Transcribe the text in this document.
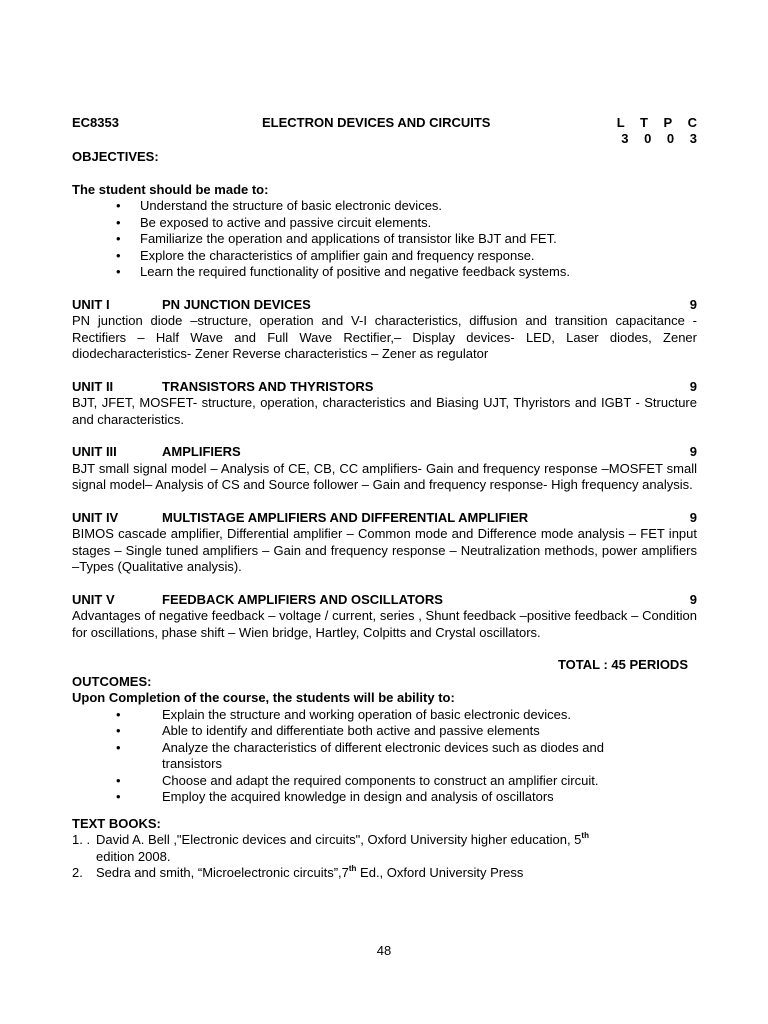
EC8353	ELECTRON DEVICES AND CIRCUITS	L T P C
3 0 0 3
OBJECTIVES:
The student should be made to:
• Understand the structure of basic electronic devices.
• Be exposed to active and passive circuit elements.
• Familiarize the operation and applications of transistor like BJT and FET.
• Explore the characteristics of amplifier gain and frequency response.
• Learn the required functionality of positive and negative feedback systems.
UNIT I	PN JUNCTION DEVICES	9
PN junction diode –structure, operation and V-I characteristics, diffusion and transition capacitance - Rectifiers – Half Wave and Full Wave Rectifier,– Display devices- LED, Laser diodes, Zener diodecharacteristics- Zener Reverse characteristics – Zener as regulator
UNIT II	TRANSISTORS AND THYRISTORS	9
BJT, JFET, MOSFET- structure, operation, characteristics and Biasing UJT, Thyristors and IGBT - Structure and characteristics.
UNIT III	AMPLIFIERS	9
BJT small signal model – Analysis of CE, CB, CC amplifiers- Gain and frequency response –MOSFET small signal model– Analysis of CS and Source follower – Gain and frequency response- High frequency analysis.
UNIT IV	MULTISTAGE AMPLIFIERS AND DIFFERENTIAL AMPLIFIER	9
BIMOS cascade amplifier, Differential amplifier – Common mode and Difference mode analysis – FET input stages – Single tuned amplifiers – Gain and frequency response – Neutralization methods, power amplifiers –Types (Qualitative analysis).
UNIT V	FEEDBACK AMPLIFIERS AND OSCILLATORS	9
Advantages of negative feedback – voltage / current, series , Shunt feedback –positive feedback – Condition for oscillations, phase shift – Wien bridge, Hartley, Colpitts and Crystal oscillators.
TOTAL : 45 PERIODS
OUTCOMES:
Upon Completion of the course, the students will be ability to:
• Explain the structure and working operation of basic electronic devices.
• Able to identify and differentiate both active and passive elements
• Analyze the characteristics of different electronic devices such as diodes and transistors
• Choose and adapt the required components to construct an amplifier circuit.
• Employ the acquired knowledge in design and analysis of oscillators
TEXT BOOKS:
1. . David A. Bell ,"Electronic devices and circuits", Oxford University higher education, 5th edition 2008.
2. Sedra and smith, “Microelectronic circuits”,7th Ed., Oxford University Press
48
